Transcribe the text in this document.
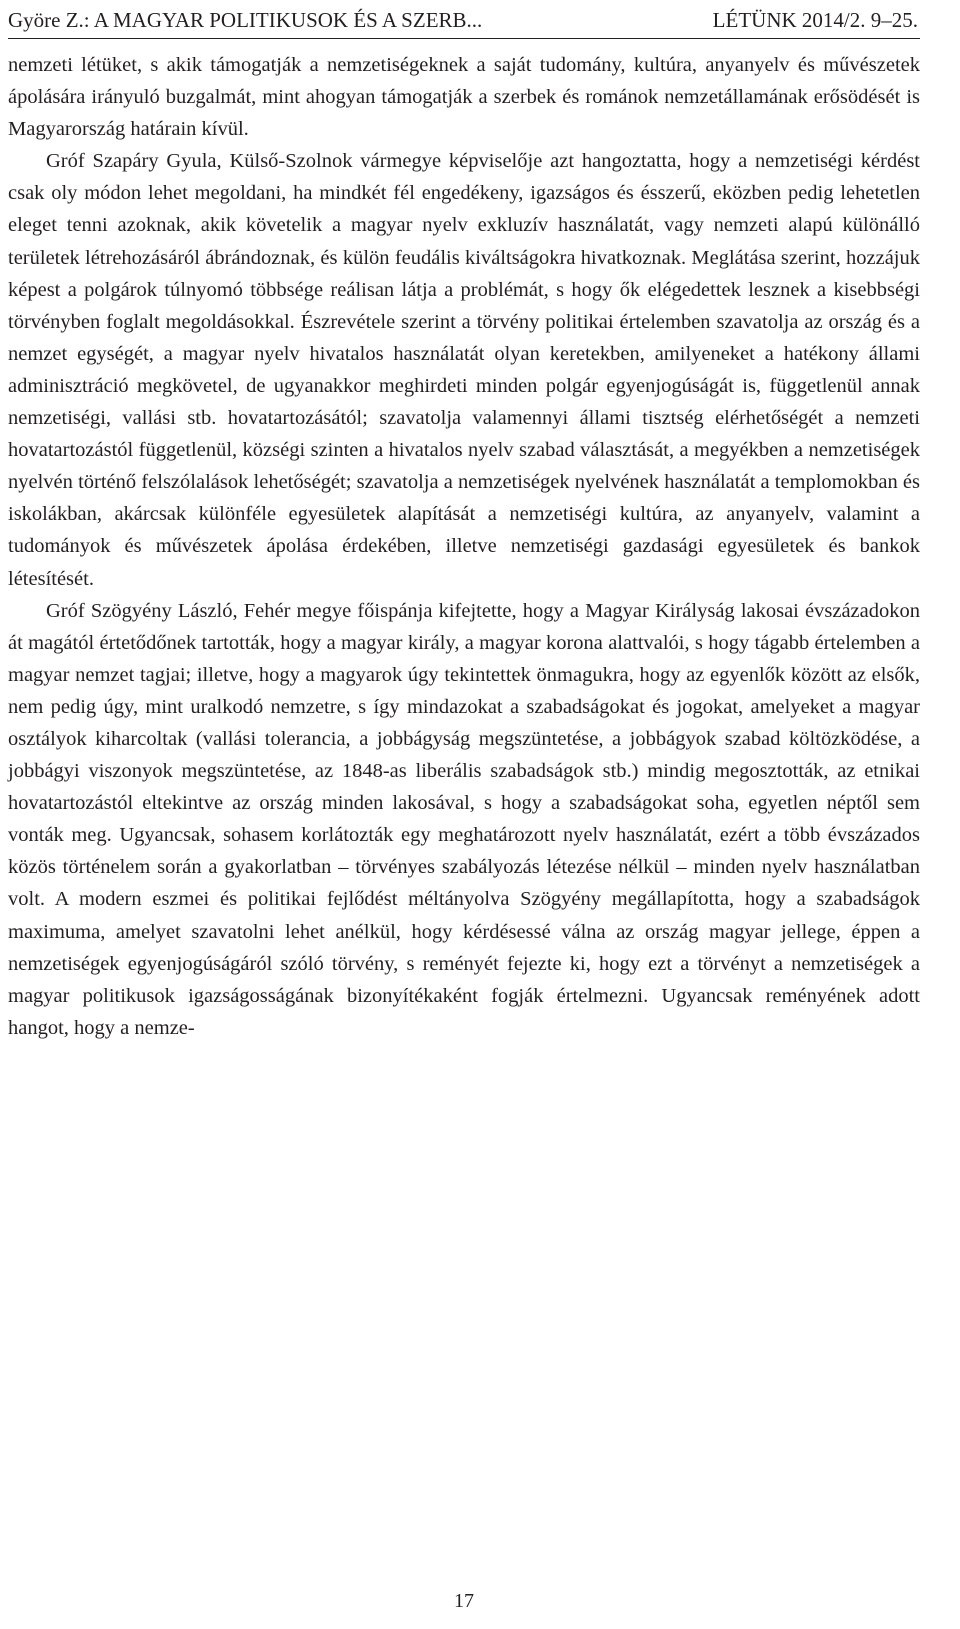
Györe Z.: A MAGYAR POLITIKUSOK ÉS A SZERB...	LÉTÜNK 2014/2. 9–25.

nemzeti létüket, s akik támogatják a nemzetiségeknek a saját tudomány, kultúra, anyanyelv és művészetek ápolására irányuló buzgalmát, mint ahogyan támogatják a szerbek és románok nemzetállamának erősödését is Magyarország határain kívül.

Gróf Szapáry Gyula, Külső-Szolnok vármegye képviselője azt hangoztatta, hogy a nemzetiségi kérdést csak oly módon lehet megoldani, ha mindkét fél engedékeny, igazságos és ésszerű, eközben pedig lehetetlen eleget tenni azoknak, akik követelik a magyar nyelv exkluzív használatát, vagy nemzeti alapú különálló területek létrehozásáról ábrándoznak, és külön feudális kiváltságokra hivatkoznak. Meglátása szerint, hozzájuk képest a polgárok túlnyomó többsége reálisan látja a problémát, s hogy ők elégedettek lesznek a kisebbségi törvényben foglalt megoldásokkal. Észrevétele szerint a törvény politikai értelemben szavatolja az ország és a nemzet egységét, a magyar nyelv hivatalos használatát olyan keretekben, amilyeneket a hatékony állami adminisztráció megkövetel, de ugyanakkor meghirdeti minden polgár egyenjogúságát is, függetlenül annak nemzetiségi, vallási stb. hovatartozásától; szavatolja valamennyi állami tisztség elérhetőségét a nemzeti hovatartozástól függetlenül, községi szinten a hivatalos nyelv szabad választását, a megyékben a nemzetiségek nyelvén történő felszólalások lehetőségét; szavatolja a nemzetiségek nyelvének használatát a templomokban és iskolákban, akárcsak különféle egyesületek alapítását a nemzetiségi kultúra, az anyanyelv, valamint a tudományok és művészetek ápolása érdekében, illetve nemzetiségi gazdasági egyesületek és bankok létesítését.

Gróf Szögyény László, Fehér megye főispánja kifejtette, hogy a Magyar Királyság lakosai évszázadokon át magától értetődőnek tartották, hogy a magyar király, a magyar korona alattvalói, s hogy tágabb értelemben a magyar nemzet tagjai; illetve, hogy a magyarok úgy tekintettek önmagukra, hogy az egyenlők között az elsők, nem pedig úgy, mint uralkodó nemzetre, s így mindazokat a szabadságokat és jogokat, amelyeket a magyar osztályok kiharcoltak (vallási tolerancia, a jobbágyság megszüntetése, a jobbágyok szabad költözködése, a jobbágyi viszonyok megszüntetése, az 1848-as liberális szabadságok stb.) mindig megosztották, az etnikai hovatartozástól eltekintve az ország minden lakosával, s hogy a szabadságokat soha, egyetlen néptől sem vonták meg. Ugyancsak, sohasem korlátozták egy meghatározott nyelv használatát, ezért a több évszázados közös történelem során a gyakorlatban – törvényes szabályozás létezése nélkül – minden nyelv használatban volt. A modern eszmei és politikai fejlődést méltányolva Szögyény megállapította, hogy a szabadságok maximuma, amelyet szavatolni lehet anélkül, hogy kérdésessé válna az ország magyar jellege, éppen a nemzetiségek egyenjogúságáról szóló törvény, s reményét fejezte ki, hogy ezt a törvényt a nemzetiségek a magyar politikusok igazságosságának bizonyítékaként fogják értelmezni. Ugyancsak reményének adott hangot, hogy a nemze-

17
